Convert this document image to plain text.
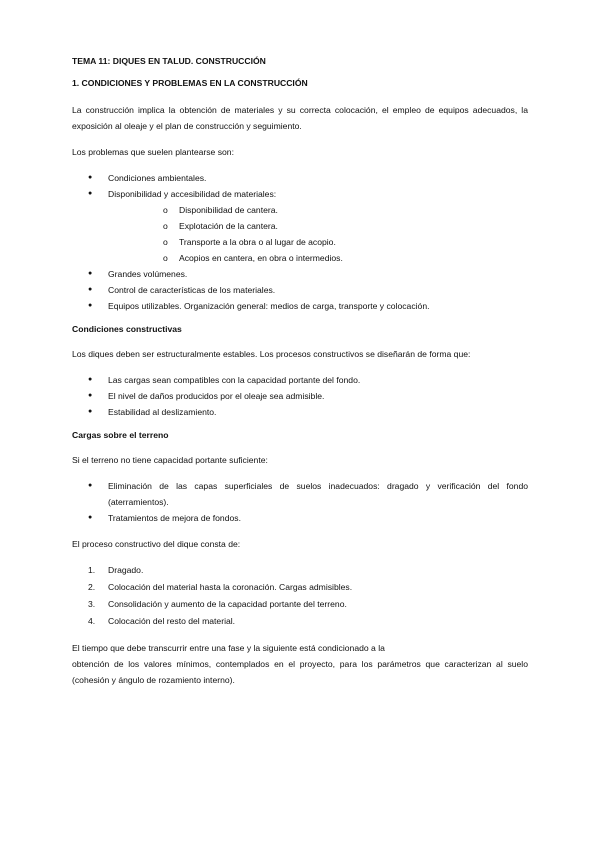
TEMA 11: DIQUES EN TALUD. CONSTRUCCIÓN
1. CONDICIONES Y PROBLEMAS EN LA CONSTRUCCIÓN

La construcción implica la obtención de materiales y su correcta colocación, el empleo de equipos adecuados, la exposición al oleaje y el plan de construcción y seguimiento.

Los problemas que suelen plantearse son:

● Condiciones ambientales.
● Disponibilidad y accesibilidad de materiales:
o Disponibilidad de cantera.
o Explotación de la cantera.
o Transporte a la obra o al lugar de acopio.
o Acopios en cantera, en obra o intermedios.
● Grandes volúmenes.
● Control de características de los materiales.
● Equipos utilizables. Organización general: medios de carga, transporte y colocación.
Condiciones constructivas

Los diques deben ser estructuralmente estables. Los procesos constructivos se diseñarán de forma que:

● Las cargas sean compatibles con la capacidad portante del fondo.
● El nivel de daños producidos por el oleaje sea admisible.
● Estabilidad al deslizamiento.
Cargas sobre el terreno

Si el terreno no tiene capacidad portante suficiente:

● Eliminación de las capas superficiales de suelos inadecuados: dragado y verificación del fondo (aterramientos).
● Tratamientos de mejora de fondos.

El proceso constructivo del dique consta de:

1. Dragado.
2. Colocación del material hasta la coronación. Cargas admisibles.
3. Consolidación y aumento de la capacidad portante del terreno.
4. Colocación del resto del material.

El tiempo que debe transcurrir entre una fase y la siguiente está condicionado a la

obtención de los valores mínimos, contemplados en el proyecto, para los parámetros que caracterizan al suelo (cohesión y ángulo de rozamiento interno).
